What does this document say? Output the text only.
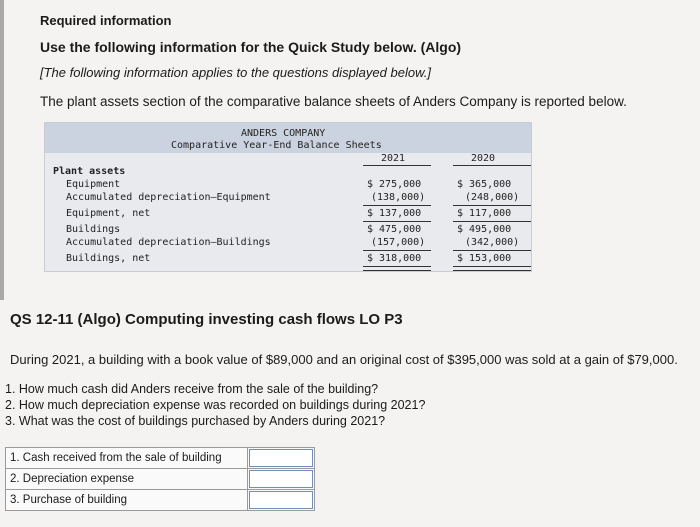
Required information
Use the following information for the Quick Study below. (Algo)
[The following information applies to the questions displayed below.]
The plant assets section of the comparative balance sheets of Anders Company is reported below.
ANDERS COMPANY
Comparative Year-End Balance Sheets
2021	2020
Plant assets
Equipment	$ 275,000	$ 365,000
Accumulated depreciation—Equipment	(138,000)	(248,000)
Equipment, net	$ 137,000	$ 117,000
Buildings	$ 475,000	$ 495,000
Accumulated depreciation—Buildings	(157,000)	(342,000)
Buildings, net	$ 318,000	$ 153,000
QS 12-11 (Algo) Computing investing cash flows LO P3
During 2021, a building with a book value of $89,000 and an original cost of $395,000 was sold at a gain of $79,000.
1. How much cash did Anders receive from the sale of the building?
2. How much depreciation expense was recorded on buildings during 2021?
3. What was the cost of buildings purchased by Anders during 2021?
1. Cash received from the sale of building	
2. Depreciation expense	
3. Purchase of building	
